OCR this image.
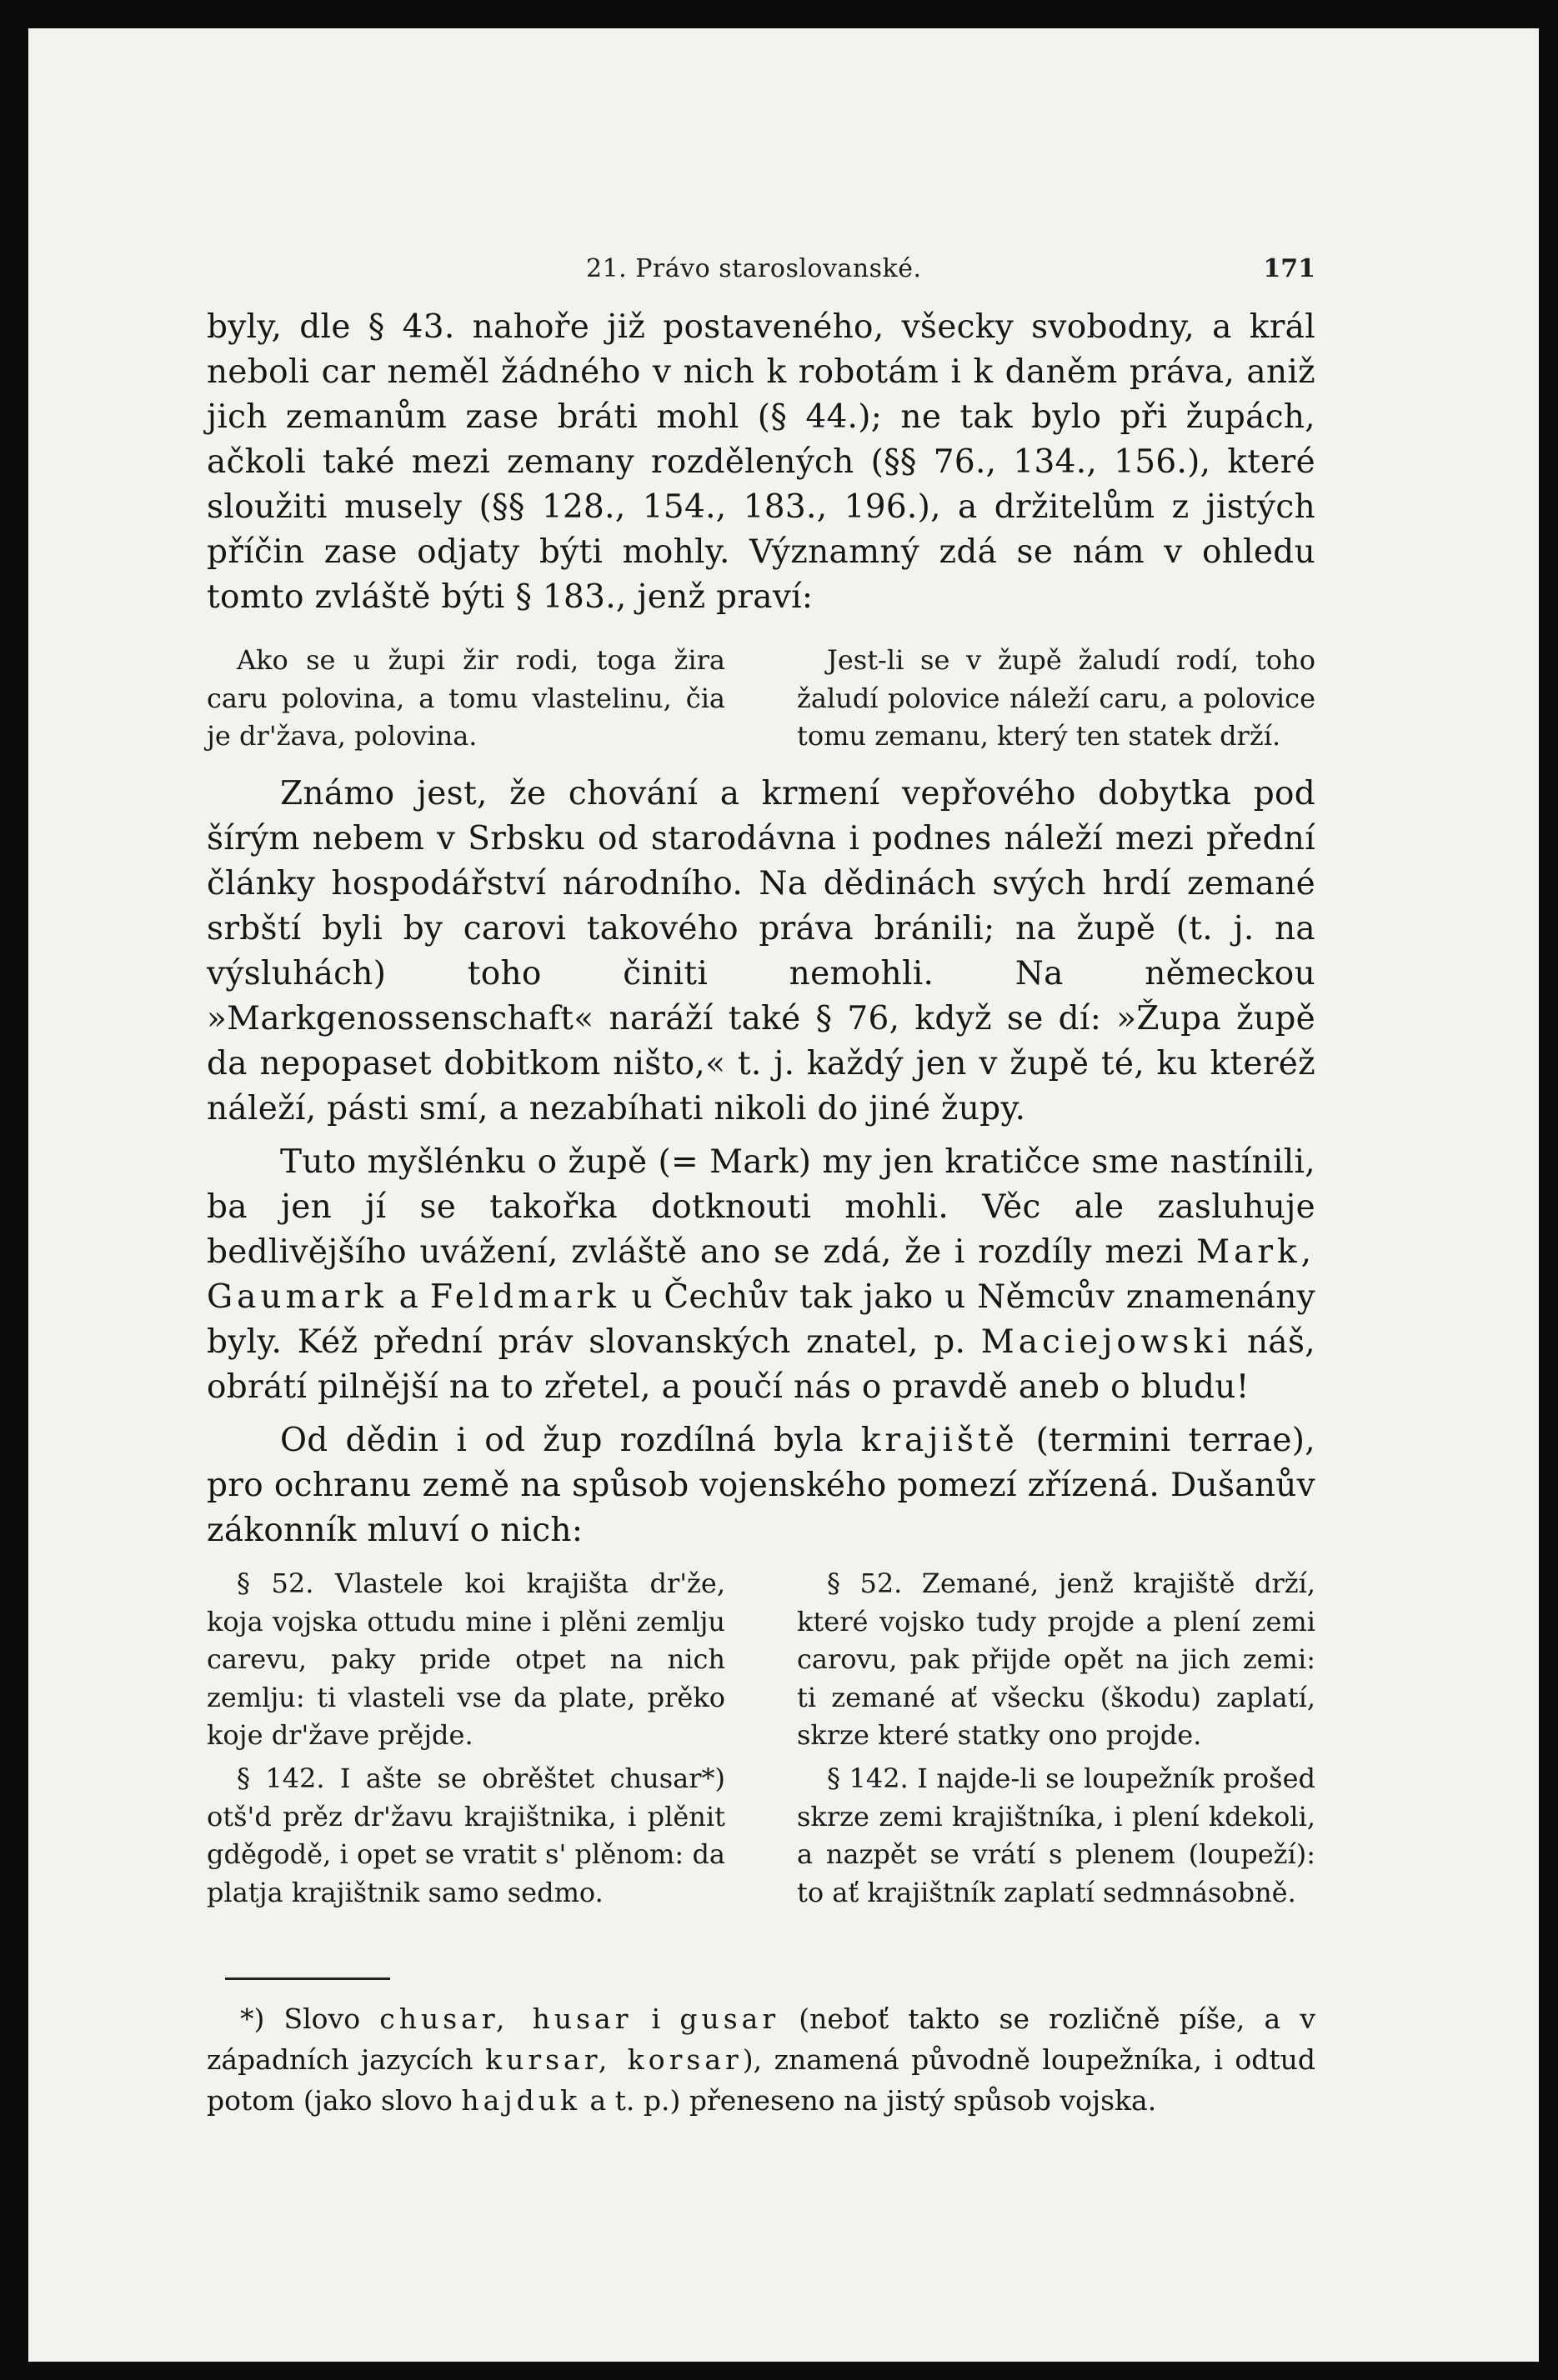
21. Právo staroslovanské.	171

byly, dle § 43. nahoře již postaveného, všecky svobodny, a král neboli car neměl žádného v nich k robotám i k daněm práva, aniž jich zemanům zase bráti mohl (§ 44.); ne tak bylo při župách, ačkoli také mezi zemany rozdělených (§§ 76., 134., 156.), které sloužiti musely (§§ 128., 154., 183., 196.), a držitelům z jistých příčin zase odjaty býti mohly. Významný zdá se nám v ohledu tomto zvláště býti § 183., jenž praví:

Ako se u župi žir rodi, toga žira caru polovina, a tomu vlastelinu, čia je dr'žava, polovina.

Jest-li se v župě žaludí rodí, toho žaludí polovice náleží caru, a polovice tomu zemanu, který ten statek drží.

Známo jest, že chování a krmení vepřového dobytka pod šírým nebem v Srbsku od starodávna i podnes náleží mezi přední články hospodářství národního. Na dědinách svých hrdí zemané srbští byli by carovi takového práva bránili; na župě (t. j. na výsluhách) toho činiti nemohli. Na německou »Markgenossenschaft« naráží také § 76, když se dí: »Župa župě da nepopaset dobitkom ništo,« t. j. každý jen v župě té, ku kteréž náleží, pásti smí, a nezabíhati nikoli do jiné župy.

Tuto myšlénku o župě (= Mark) my jen kratičce sme nastínili, ba jen jí se takořka dotknouti mohli. Věc ale zasluhuje bedlivějšího uvážení, zvláště ano se zdá, že i rozdíly mezi Mark, Gaumark a Feldmark u Čechův tak jako u Němcův znamenány byly. Kéž přední práv slovanských znatel, p. Maciejowski náš, obrátí pilnější na to zřetel, a poučí nás o pravdě aneb o bludu!

Od dědin i od žup rozdílná byla krajiště (termini terrae), pro ochranu země na spůsob vojenského pomezí zřízená. Dušanův zákonník mluví o nich:

§ 52. Vlastele koi krajišta dr'že, koja vojska ottudu mine i plěni zemlju carevu, paky pride otpet na nich zemlju: ti vlasteli vse da plate, prěko koje dr'žave prějde.

§ 142. I ašte se obrěštet chusar*) otš'd prěz dr'žavu krajištnika, i plěnit gděgodě, i opet se vratit s' plěnom: da platja krajištnik samo sedmo.

§ 52. Zemané, jenž krajiště drží, které vojsko tudy projde a plení zemi carovu, pak přijde opět na jich zemi: ti zemané ať všecku (škodu) zaplatí, skrze které statky ono projde.

§ 142. I najde-li se loupežník prošed skrze zemi krajištníka, i plení kdekoli, a nazpět se vrátí s plenem (loupeží): to ať krajištník zaplatí sedmnásobně.

*) Slovo chusar, husar i gusar (neboť takto se rozličně píše, a v západních jazycích kursar, korsar), znamená původně loupežníka, i odtud potom (jako slovo hajduk a t. p.) přeneseno na jistý spůsob vojska.
